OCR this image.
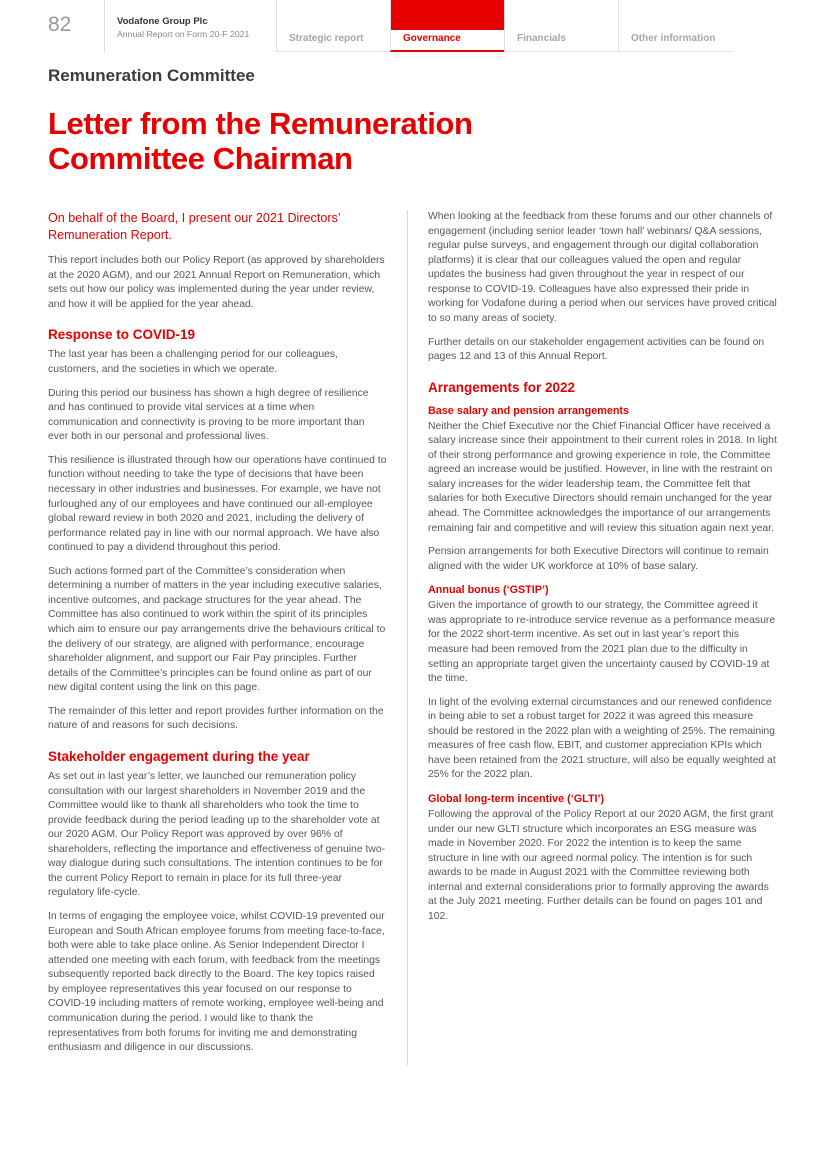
82	Vodafone Group Plc
Annual Report on Form 20-F 2021	Strategic report	Governance	Financials	Other information
Remuneration Committee
Letter from the Remuneration Committee Chairman

On behalf of the Board, I present our 2021 Directors’ Remuneration Report.

This report includes both our Policy Report (as approved by shareholders at the 2020 AGM), and our 2021 Annual Report on Remuneration, which sets out how our policy was implemented during the year under review, and how it will be applied for the year ahead.

Response to COVID-19

The last year has been a challenging period for our colleagues, customers, and the societies in which we operate.

During this period our business has shown a high degree of resilience and has continued to provide vital services at a time when communication and connectivity is proving to be more important than ever both in our personal and professional lives.

This resilience is illustrated through how our operations have continued to function without needing to take the type of decisions that have been necessary in other industries and businesses. For example, we have not furloughed any of our employees and have continued our all-employee global reward review in both 2020 and 2021, including the delivery of performance related pay in line with our normal approach. We have also continued to pay a dividend throughout this period.

Such actions formed part of the Committee’s consideration when determining a number of matters in the year including executive salaries, incentive outcomes, and package structures for the year ahead. The Committee has also continued to work within the spirit of its principles which aim to ensure our pay arrangements drive the behaviours critical to the delivery of our strategy, are aligned with performance, encourage shareholder alignment, and support our Fair Pay principles. Further details of the Committee’s principles can be found online as part of our new digital content using the link on this page.

The remainder of this letter and report provides further information on the nature of and reasons for such decisions.

Stakeholder engagement during the year

As set out in last year’s letter, we launched our remuneration policy consultation with our largest shareholders in November 2019 and the Committee would like to thank all shareholders who took the time to provide feedback during the period leading up to the shareholder vote at our 2020 AGM. Our Policy Report was approved by over 96% of shareholders, reflecting the importance and effectiveness of genuine two-way dialogue during such consultations. The intention continues to be for the current Policy Report to remain in place for its full three-year regulatory life-cycle.

In terms of engaging the employee voice, whilst COVID-19 prevented our European and South African employee forums from meeting face-to-face, both were able to take place online. As Senior Independent Director I attended one meeting with each forum, with feedback from the meetings subsequently reported back directly to the Board. The key topics raised by employee representatives this year focused on our response to COVID-19 including matters of remote working, employee well-being and communication during the period. I would like to thank the representatives from both forums for inviting me and demonstrating enthusiasm and diligence in our discussions.

When looking at the feedback from these forums and our other channels of engagement (including senior leader ‘town hall’ webinars/ Q&A sessions, regular pulse surveys, and engagement through our digital collaboration platforms) it is clear that our colleagues valued the open and regular updates the business had given throughout the year in respect of our response to COVID-19. Colleagues have also expressed their pride in working for Vodafone during a period when our services have proved critical to so many areas of society.

Further details on our stakeholder engagement activities can be found on pages 12 and 13 of this Annual Report.

Arrangements for 2022
Base salary and pension arrangements

Neither the Chief Executive nor the Chief Financial Officer have received a salary increase since their appointment to their current roles in 2018. In light of their strong performance and growing experience in role, the Committee agreed an increase would be justified. However, in line with the restraint on salary increases for the wider leadership team, the Committee felt that salaries for both Executive Directors should remain unchanged for the year ahead. The Committee acknowledges the importance of our arrangements remaining fair and competitive and will review this situation again next year.

Pension arrangements for both Executive Directors will continue to remain aligned with the wider UK workforce at 10% of base salary.

Annual bonus (‘GSTIP’)

Given the importance of growth to our strategy, the Committee agreed it was appropriate to re-introduce service revenue as a performance measure for the 2022 short-term incentive. As set out in last year’s report this measure had been removed from the 2021 plan due to the difficulty in setting an appropriate target given the uncertainty caused by COVID-19 at the time.

In light of the evolving external circumstances and our renewed confidence in being able to set a robust target for 2022 it was agreed this measure should be restored in the 2022 plan with a weighting of 25%. The remaining measures of free cash flow, EBIT, and customer appreciation KPIs which have been retained from the 2021 structure, will also be equally weighted at 25% for the 2022 plan.

Global long-term incentive (‘GLTI’)

Following the approval of the Policy Report at our 2020 AGM, the first grant under our new GLTI structure which incorporates an ESG measure was made in November 2020. For 2022 the intention is to keep the same structure in line with our agreed normal policy. The intention is for such awards to be made in August 2021 with the Committee reviewing both internal and external considerations prior to formally approving the awards at the July 2021 meeting. Further details can be found on pages 101 and 102.
